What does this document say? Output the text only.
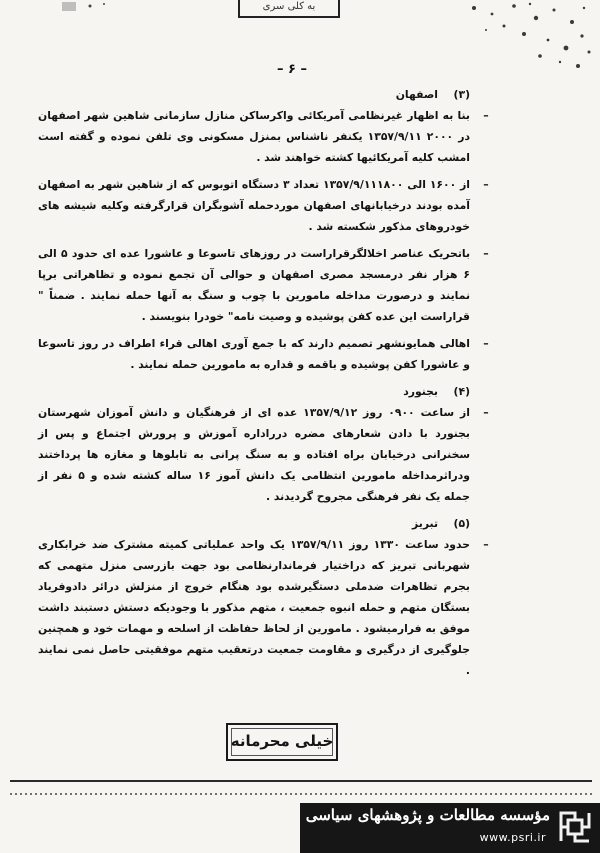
به کلی سری
– ۶ –
(۳)
اصفهان
–
بنا به اظهار غیرنظامی آمریکائی واکرساکن منازل سازمانی شاهین شهر اصفهان در ۲۰۰۰ ۱۳۵۷/۹/۱۱ یکنفر ناشناس بمنزل مسکونی وی تلفن نموده و گفته است امشب کلیه آمریکائیها کشته خواهند شد .
–
از ۱۶۰۰ الی ۱۳۵۷/۹/۱۱۱۸۰۰ تعداد ۳ دستگاه اتوبوس که از شاهین شهر به اصفهان آمده بودند درخیابانهای اصفهان موردحمله آشوبگران قرارگرفته وکلیه شیشه های خودروهای مذکور شکسته شد .
–
باتحریک عناصر اخلالگرقراراست در روزهای تاسوعا و عاشورا عده ای حدود ۵ الی ۶ هزار نفر درمسجد مصری اصفهان و حوالی آن تجمع نموده و تظاهراتی برپا نمایند و درصورت مداخله مامورین با چوب و سنگ به آنها حمله نمایند . ضمناً " قراراست این عده کفن پوشیده و وصیت نامه" خودرا بنویسند .
–
اهالی همایونشهر تصمیم دارند که با جمع آوری اهالی قراء اطراف در روز تاسوعا و عاشورا کفن پوشیده و باقمه و قداره به مامورین حمله نمایند .
(۴)
بجنورد
–
از ساعت ۰۹۰۰ روز ۱۳۵۷/۹/۱۲ عده ای از فرهنگیان و دانش آموزان شهرستان بجنورد با دادن شعارهای مضره درراداره آموزش و پرورش اجتماع و پس از سخنرانی درخیابان براه افتاده و به سنگ پرانی به تابلوها و مغازه ها پرداختند ودراثرمداخله مامورین انتظامی یک دانش آموز ۱۶ ساله کشته شده و ۵ نفر از جمله یک نفر فرهنگی مجروح گردیدند .
(۵)
تبریز
–
حدود ساعت ۱۳۳۰ روز ۱۳۵۷/۹/۱۱ یک واحد عملیاتی کمیته مشترک ضد خرابکاری شهربانی تبریز که دراختیار فرماندارنظامی بود جهت بازرسی منزل متهمی که بجرم تظاهرات ضدملی دستگیرشده بود هنگام خروج از منزلش درائر دادوفریاد بستگان متهم و حمله انبوه جمعیت ، متهم مذکور با وجودیکه دستش دستبند داشت موفق به فرارمیشود . مامورین از لحاظ حفاظت از اسلحه و مهمات خود و همچنین جلوگیری از درگیری و مقاومت جمعیت درتعقیب متهم موفقیتی حاصل نمی نمایند .
خیلی محرمانه
مؤسسه مطالعات و پژوهشهای سیاسی
www.psri.ir
